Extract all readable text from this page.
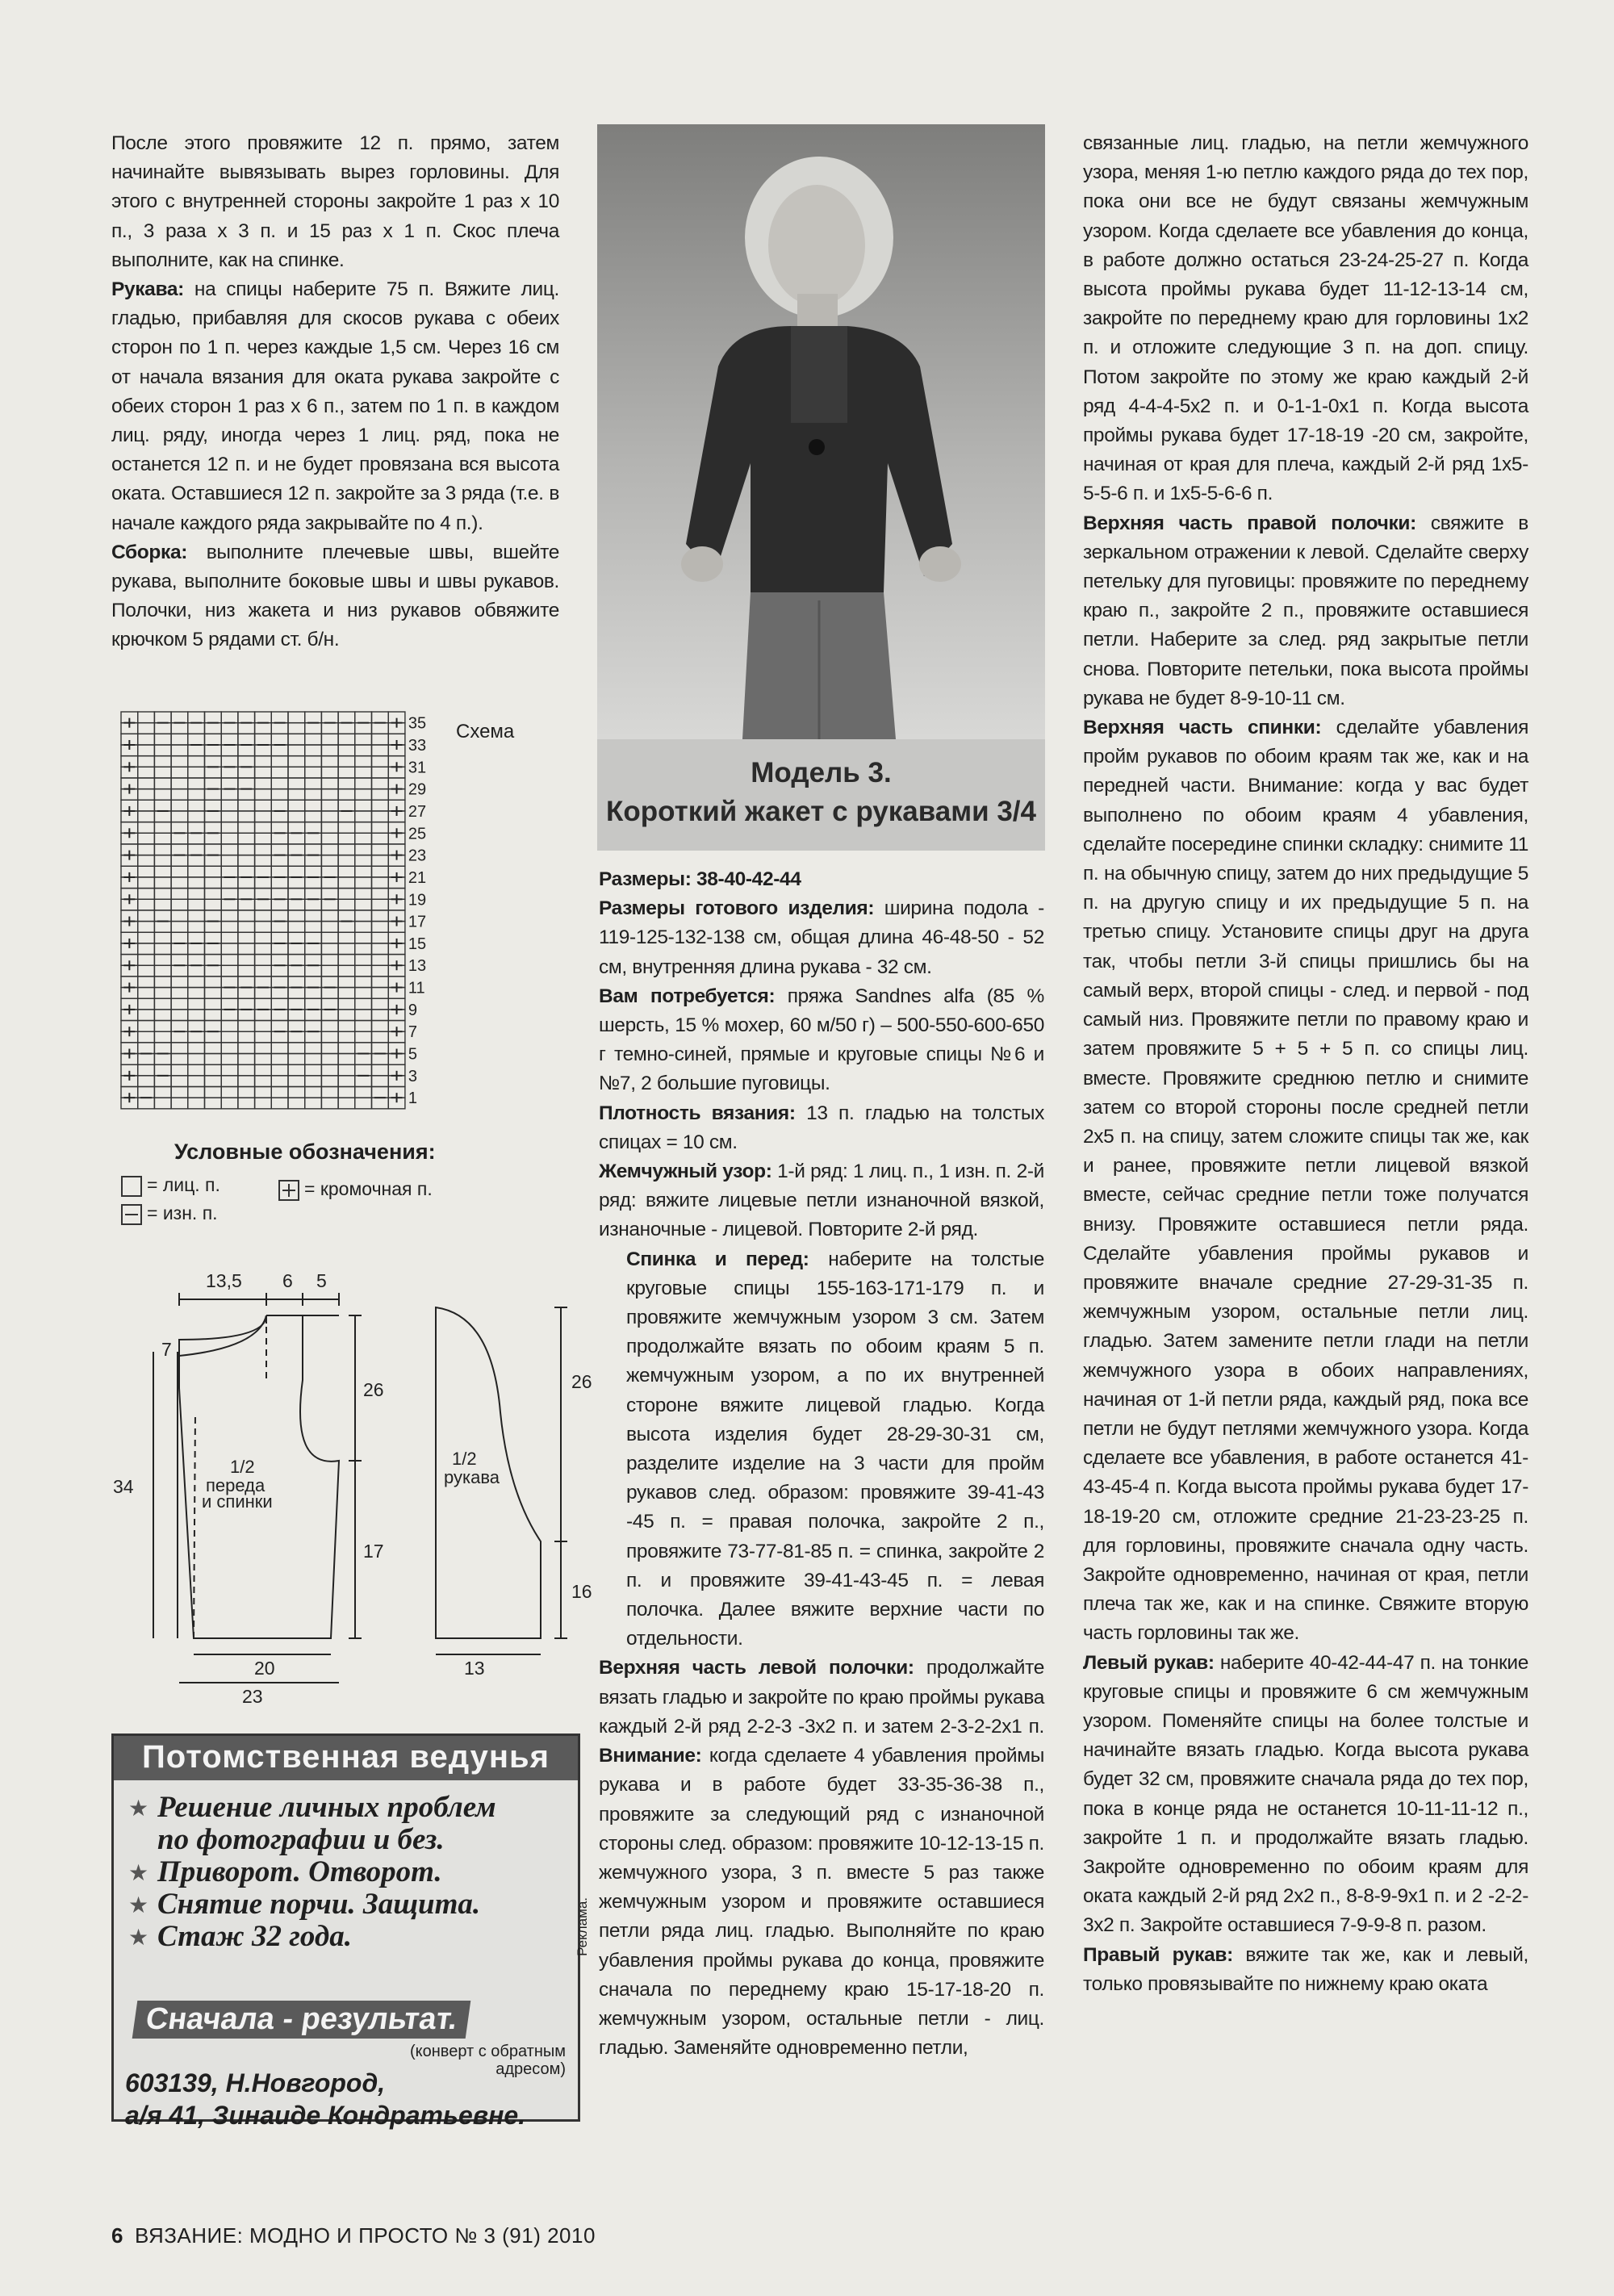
После этого провяжите 12 п. прямо, затем начинайте вывязывать вырез горловины. Для этого с внутренней стороны закройте 1 раз х 10 п., 3 раза х 3 п. и 15 раз х 1 п. Скос плеча выполните, как на спинке.

Рукава: на спицы наберите 75 п. Вяжите лиц. гладью, прибавляя для скосов рукава с обеих сторон по 1 п. через каждые 1,5 см. Через 16 см от начала вязания для оката рукава закройте с обеих сторон 1 раз х 6 п., затем по 1 п. в каждом лиц. ряду, иногда через 1 лиц. ряд, пока не останется 12 п. и не будет провязана вся высота оката. Оставшиеся 12 п. закройте за 3 ряда (т.е. в начале каждого ряда закрывайте по 4 п.).

Сборка: выполните плечевые швы, вшейте рукава, выполните боковые швы и швы рукавов. Полочки, низ жакета и низ рукавов обвяжите крючком 5 рядами ст. б/н.

35
33
31
29
27
25
23
21
19
17
15
13
11
9
7
5
3
1
Схема
Условные обозначения:
= лиц. п.	= кромочная п.
= изн. п.
13,5 6 5
7
26
34
17
20
23
1/2
переда
и спинки
1/2
рукава
26
16
13
Модель 3.
Короткий жакет с рукавами 3/4

Размеры: 38-40-42-44

Размеры готового изделия: ширина подола - 119-125-132-138 см, общая длина 46-48-50 - 52 см, внутренняя длина рукава - 32 см.

Вам потребуется: пряжа Sandnes alfa (85 % шерсть, 15 % мохер, 60 м/50 г) – 500-550-600-650 г темно-синей, прямые и круговые спицы №6 и №7, 2 большие пуговицы.

Плотность вязания: 13 п. гладью на толстых спицах = 10 см.

Жемчужный узор: 1-й ряд: 1 лиц. п., 1 изн. п. 2-й ряд: вяжите лицевые петли изнаночной вязкой, изнаночные - лицевой. Повторите 2-й ряд.

Спинка и перед: наберите на толстые круговые спицы 155-163-171-179 п. и провяжите жемчужным узором 3 см. Затем продолжайте вязать по обоим краям 5 п. жемчужным узором, а по их внутренней стороне вяжите лицевой гладью. Когда высота изделия будет 28-29-30-31 см, разделите изделие на 3 части для пройм рукавов след. образом: провяжите 39-41-43 -45 п. = правая полочка, закройте 2 п., провяжите 73-77-81-85 п. = спинка, закройте 2 п. и провяжите 39-41-43-45 п. = левая полочка. Далее вяжите верхние части по отдельности.

Верхняя часть левой полочки: продолжайте вязать гладью и закройте по краю проймы рукава каждый 2-й ряд 2-2-3 -3х2 п. и затем 2-3-2-2х1 п. Внимание: когда сделаете 4 убавления проймы рукава и в работе будет 33-35-36-38 п., провяжите за следующий ряд с изнаночной стороны след. образом: провяжите 10-12-13-15 п. жемчужного узора, 3 п. вместе 5 раз также жемчужным узором и провяжите оставшиеся петли ряда лиц. гладью. Выполняйте по краю убавления проймы рукава до конца, провяжите сначала по переднему краю 15-17-18-20 п. жемчужным узором, остальные петли - лиц. гладью. Заменяйте одновременно петли,

связанные лиц. гладью, на петли жемчужного узора, меняя 1-ю петлю каждого ряда до тех пор, пока они все не будут связаны жемчужным узором. Когда сделаете все убавления до конца, в работе должно остаться 23-24-25-27 п. Когда высота проймы рукава будет 11-12-13-14 см, закройте по переднему краю для горловины 1х2 п. и отложите следующие 3 п. на доп. спицу. Потом закройте по этому же краю каждый 2-й ряд 4-4-4-5х2 п. и 0-1-1-0х1 п. Когда высота проймы рукава будет 17-18-19 -20 см, закройте, начиная от края для плеча, каждый 2-й ряд 1х5-5-5-6 п. и 1х5-5-6-6 п.

Верхняя часть правой полочки: свяжите в зеркальном отражении к левой. Сделайте сверху петельку для пуговицы: провяжите по переднему краю п., закройте 2 п., провяжите оставшиеся петли. Наберите за след. ряд закрытые петли снова. Повторите петельки, пока высота проймы рукава не будет 8-9-10-11 см.

Верхняя часть спинки: сделайте убавления пройм рукавов по обоим краям так же, как и на передней части. Внимание: когда у вас будет выполнено по обоим краям 4 убавления, сделайте посередине спинки складку: снимите 11 п. на обычную спицу, затем до них предыдущие 5 п. на другую спицу и их предыдущие 5 п. на третью спицу. Установите спицы друг на друга так, чтобы петли 3-й спицы пришлись бы на самый верх, второй спицы - след. и первой - под самый низ. Провяжите петли по правому краю и затем провяжите 5 + 5 + 5 п. со спицы лиц. вместе. Провяжите среднюю петлю и снимите затем со второй стороны после средней петли 2х5 п. на спицу, затем сложите спицы так же, как и ранее, провяжите петли лицевой вязкой вместе, сейчас средние петли тоже получатся внизу. Провяжите оставшиеся петли ряда. Сделайте убавления проймы рукавов и провяжите вначале средние 27-29-31-35 п. жемчужным узором, остальные петли лиц. гладью. Затем замените петли глади на петли жемчужного узора в обоих направлениях, начиная от 1-й петли ряда, каждый ряд, пока все петли не будут петлями жемчужного узора. Когда сделаете все убавления, в работе останется 41-43-45-4 п. Когда высота проймы рукава будет 17-18-19-20 см, отложите средние 21-23-23-25 п. для горловины, провяжите сначала одну часть. Закройте одновременно, начиная от края, петли плеча так же, как и на спинке. Свяжите вторую часть горловины так же.

Левый рукав: наберите 40-42-44-47 п. на тонкие круговые спицы и провяжите 6 см жемчужным узором. Поменяйте спицы на более толстые и начинайте вязать гладью. Когда высота рукава будет 32 см, провяжите сначала ряда до тех пор, пока в конце ряда не останется 10-11-11-12 п., закройте 1 п. и продолжайте вязать гладью. Закройте одновременно по обоим краям для оката каждый 2-й ряд 2х2 п., 8-8-9-9х1 п. и 2 -2-2-3х2 п. Закройте оставшиеся 7-9-9-8 п. разом.

Правый рукав: вяжите так же, как и левый, только провязывайте по нижнему краю оката

Потомственная ведунья
★ Решение личных проблем
по фотографии и без.
★ Приворот. Отворот.
★ Снятие порчи. Защита.
★ Стаж 32 года.
Сначала - результат.
(конверт с обратным адресом)
603139, Н.Новгород,
а/я 41, Зинаиде Кондратьевне.
Реклама.
6 ВЯЗАНИЕ: МОДНО И ПРОСТО № 3 (91) 2010
